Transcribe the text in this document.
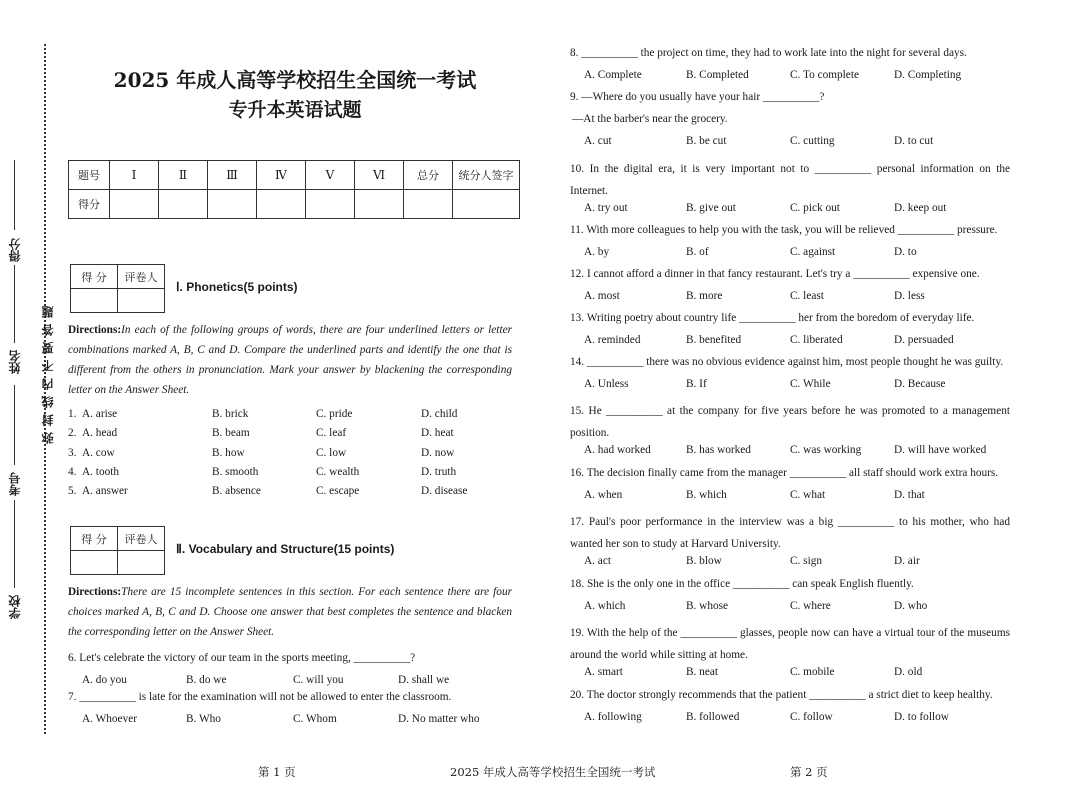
得分
姓名
考号
学校
弥封线内不要答题
2025 年成人高等学校招生全国统一考试
专升本英语试题
题号	Ⅰ	Ⅱ	Ⅲ	Ⅳ	Ⅴ	Ⅵ	总分	统分人签字
得分								
得 分	评卷人

Ⅰ. Phonetics(5 points)
Directions:In each of the following groups of words, there are four underlined letters or letter combinations marked A, B, C and D. Compare the underlined parts and identify the one that is different from the others in pronunciation. Mark your answer by blackening the corresponding letter on the Answer Sheet.
1. A. arise	B. brick	C. pride	D. child
2. A. head	B. beam	C. leaf	D. heat
3. A. cow	B. how	C. low	D. now
4. A. tooth	B. smooth	C. wealth	D. truth
5. A. answer	B. absence	C. escape	D. disease
得 分	评卷人

Ⅱ. Vocabulary and Structure(15 points)
Directions:There are 15 incomplete sentences in this section. For each sentence there are four choices marked A, B, C and D. Choose one answer that best completes the sentence and blacken the corresponding letter on the Answer Sheet.
6. Let's celebrate the victory of our team in the sports meeting, __________?
A. do you	B. do we	C. will you	D. shall we
7. __________ is late for the examination will not be allowed to enter the classroom.
A. Whoever	B. Who	C. Whom	D. No matter who
8. __________ the project on time, they had to work late into the night for several days.
A. Complete	B. Completed	C. To complete	D. Completing
9. —Where do you usually have your hair __________?
—At the barber's near the grocery.
A. cut	B. be cut	C. cutting	D. to cut
10. In the digital era, it is very important not to __________ personal information on the Internet.
A. try out	B. give out	C. pick out	D. keep out
11. With more colleagues to help you with the task, you will be relieved __________ pressure.
A. by	B. of	C. against	D. to
12. I cannot afford a dinner in that fancy restaurant. Let's try a __________ expensive one.
A. most	B. more	C. least	D. less
13. Writing poetry about country life __________ her from the boredom of everyday life.
A. reminded	B. benefited	C. liberated	D. persuaded
14. __________ there was no obvious evidence against him, most people thought he was guilty.
A. Unless	B. If	C. While	D. Because
15. He __________ at the company for five years before he was promoted to a management position.
A. had worked	B. has worked	C. was working	D. will have worked
16. The decision finally came from the manager __________ all staff should work extra hours.
A. when	B. which	C. what	D. that
17. Paul's poor performance in the interview was a big __________ to his mother, who had wanted her son to study at Harvard University.
A. act	B. blow	C. sign	D. air
18. She is the only one in the office __________ can speak English fluently.
A. which	B. whose	C. where	D. who
19. With the help of the __________ glasses, people now can have a virtual tour of the museums around the world while sitting at home.
A. smart	B. neat	C. mobile	D. old
20. The doctor strongly recommends that the patient __________ a strict diet to keep healthy.
A. following	B. followed	C. follow	D. to follow
第 1 页	2025 年成人高等学校招生全国统一考试	第 2 页
